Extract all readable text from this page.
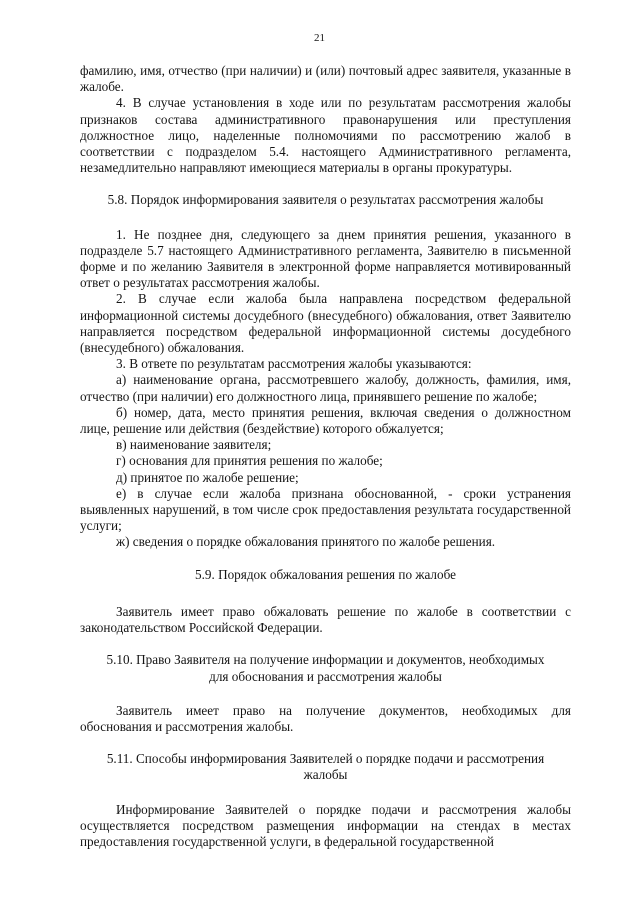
21

фамилию, имя, отчество (при наличии) и (или) почтовый адрес заявителя, указанные в жалобе.

4. В случае установления в ходе или по результатам рассмотрения жалобы признаков состава административного правонарушения или преступления должностное лицо, наделенные полномочиями по рассмотрению жалоб в соответствии с подразделом 5.4. настоящего Административного регламента, незамедлительно направляют имеющиеся материалы в органы прокуратуры.

5.8. Порядок информирования заявителя о результатах рассмотрения жалобы

1. Не позднее дня, следующего за днем принятия решения, указанного в подразделе 5.7 настоящего Административного регламента, Заявителю в письменной форме и по желанию Заявителя в электронной форме направляется мотивированный ответ о результатах рассмотрения жалобы.

2. В случае если жалоба была направлена посредством федеральной информационной системы досудебного (внесудебного) обжалования, ответ Заявителю направляется посредством федеральной информационной системы досудебного (внесудебного) обжалования.

3. В ответе по результатам рассмотрения жалобы указываются:

а) наименование органа, рассмотревшего жалобу, должность, фамилия, имя, отчество (при наличии) его должностного лица, принявшего решение по жалобе;

б) номер, дата, место принятия решения, включая сведения о должностном лице, решение или действия (бездействие) которого обжалуется;

в) наименование заявителя;

г) основания для принятия решения по жалобе;

д) принятое по жалобе решение;

е) в случае если жалоба признана обоснованной, - сроки устранения выявленных нарушений, в том числе срок предоставления результата государственной услуги;

ж) сведения о порядке обжалования принятого по жалобе решения.

5.9. Порядок обжалования решения по жалобе

Заявитель имеет право обжаловать решение по жалобе в соответствии с законодательством Российской Федерации.

5.10. Право Заявителя на получение информации и документов, необходимых
для обоснования и рассмотрения жалобы

Заявитель имеет право на получение документов, необходимых для обоснования и рассмотрения жалобы.

5.11. Способы информирования Заявителей о порядке подачи и рассмотрения
жалобы

Информирование Заявителей о порядке подачи и рассмотрения жалобы осуществляется посредством размещения информации на стендах в местах предоставления государственной услуги, в федеральной государственной
